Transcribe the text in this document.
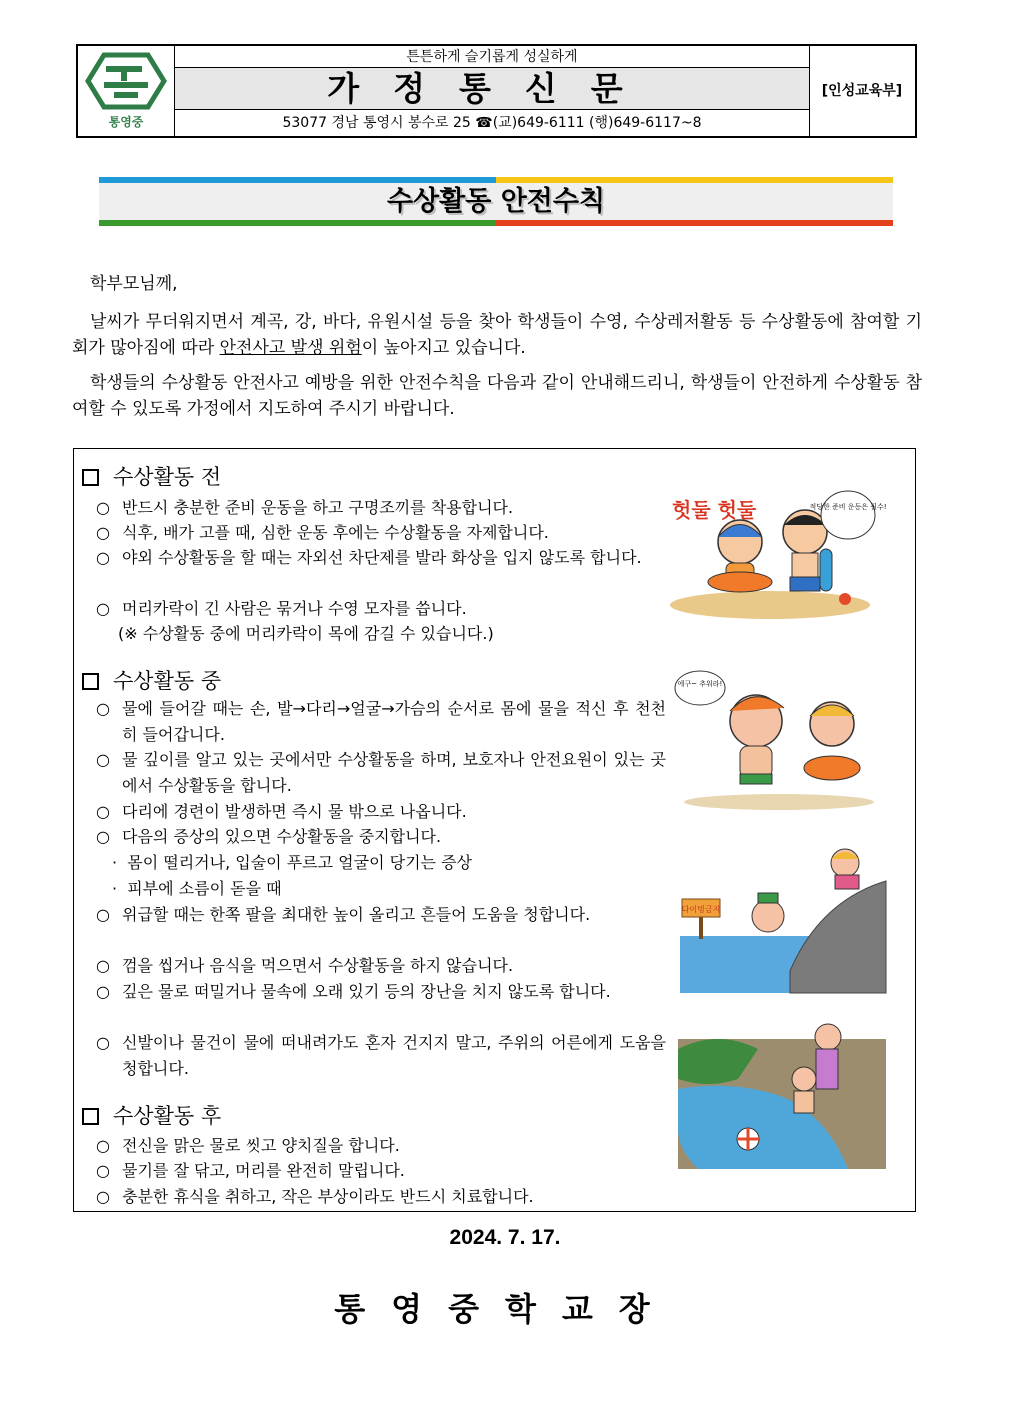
통영중
튼튼하게 슬기롭게 성실하게
가정통신문
53077 경남 통영시 봉수로 25 ☎(교)649-6111 (행)649-6117~8
[인성교육부]
수상활동 안전수칙
학부모님께,
날씨가 무더워지면서 계곡, 강, 바다, 유원시설 등을 찾아 학생들이 수영, 수상레저활동 등 수상활동에 참여할 기회가 많아짐에 따라 안전사고 발생 위험이 높아지고 있습니다.
학생들의 수상활동 안전사고 예방을 위한 안전수칙을 다음과 같이 안내해드리니, 학생들이 안전하게 수상활동 참여할 수 있도록 가정에서 지도하여 주시기 바랍니다.
수상활동 전
○ 반드시 충분한 준비 운동을 하고 구명조끼를 착용합니다.
○ 식후, 배가 고플 때, 심한 운동 후에는 수상활동을 자제합니다.
○ 야외 수상활동을 할 때는 자외선 차단제를 발라 화상을 입지 않도록 합니다.
○ 머리카락이 긴 사람은 묶거나 수영 모자를 씁니다.
(※ 수상활동 중에 머리카락이 목에 감길 수 있습니다.)
수상활동 중
○ 물에 들어갈 때는 손, 발→다리→얼굴→가슴의 순서로 몸에 물을 적신 후 천천히 들어갑니다.
○ 물 깊이를 알고 있는 곳에서만 수상활동을 하며, 보호자나 안전요원이 있는 곳에서 수상활동을 합니다.
○ 다리에 경련이 발생하면 즉시 물 밖으로 나옵니다.
○ 다음의 증상의 있으면 수상활동을 중지합니다.
· 몸이 떨리거나, 입술이 푸르고 얼굴이 당기는 증상
· 피부에 소름이 돋을 때
○ 위급할 때는 한쪽 팔을 최대한 높이 올리고 흔들어 도움을 청합니다.
○ 껌을 씹거나 음식을 먹으면서 수상활동을 하지 않습니다.
○ 깊은 물로 떠밀거나 물속에 오래 있기 등의 장난을 치지 않도록 합니다.
○ 신발이나 물건이 물에 떠내려가도 혼자 건지지 말고, 주위의 어른에게 도움을 청합니다.
수상활동 후
○ 전신을 맑은 물로 씻고 양치질을 합니다.
○ 물기를 잘 닦고, 머리를 완전히 말립니다.
○ 충분한 휴식을 취하고, 작은 부상이라도 반드시 치료합니다.
헛둘 헛둘	적당한 준비 운동은 필수!
에구~ 추워라!
다이빙금지
2024. 7. 17.
통영중학교장
